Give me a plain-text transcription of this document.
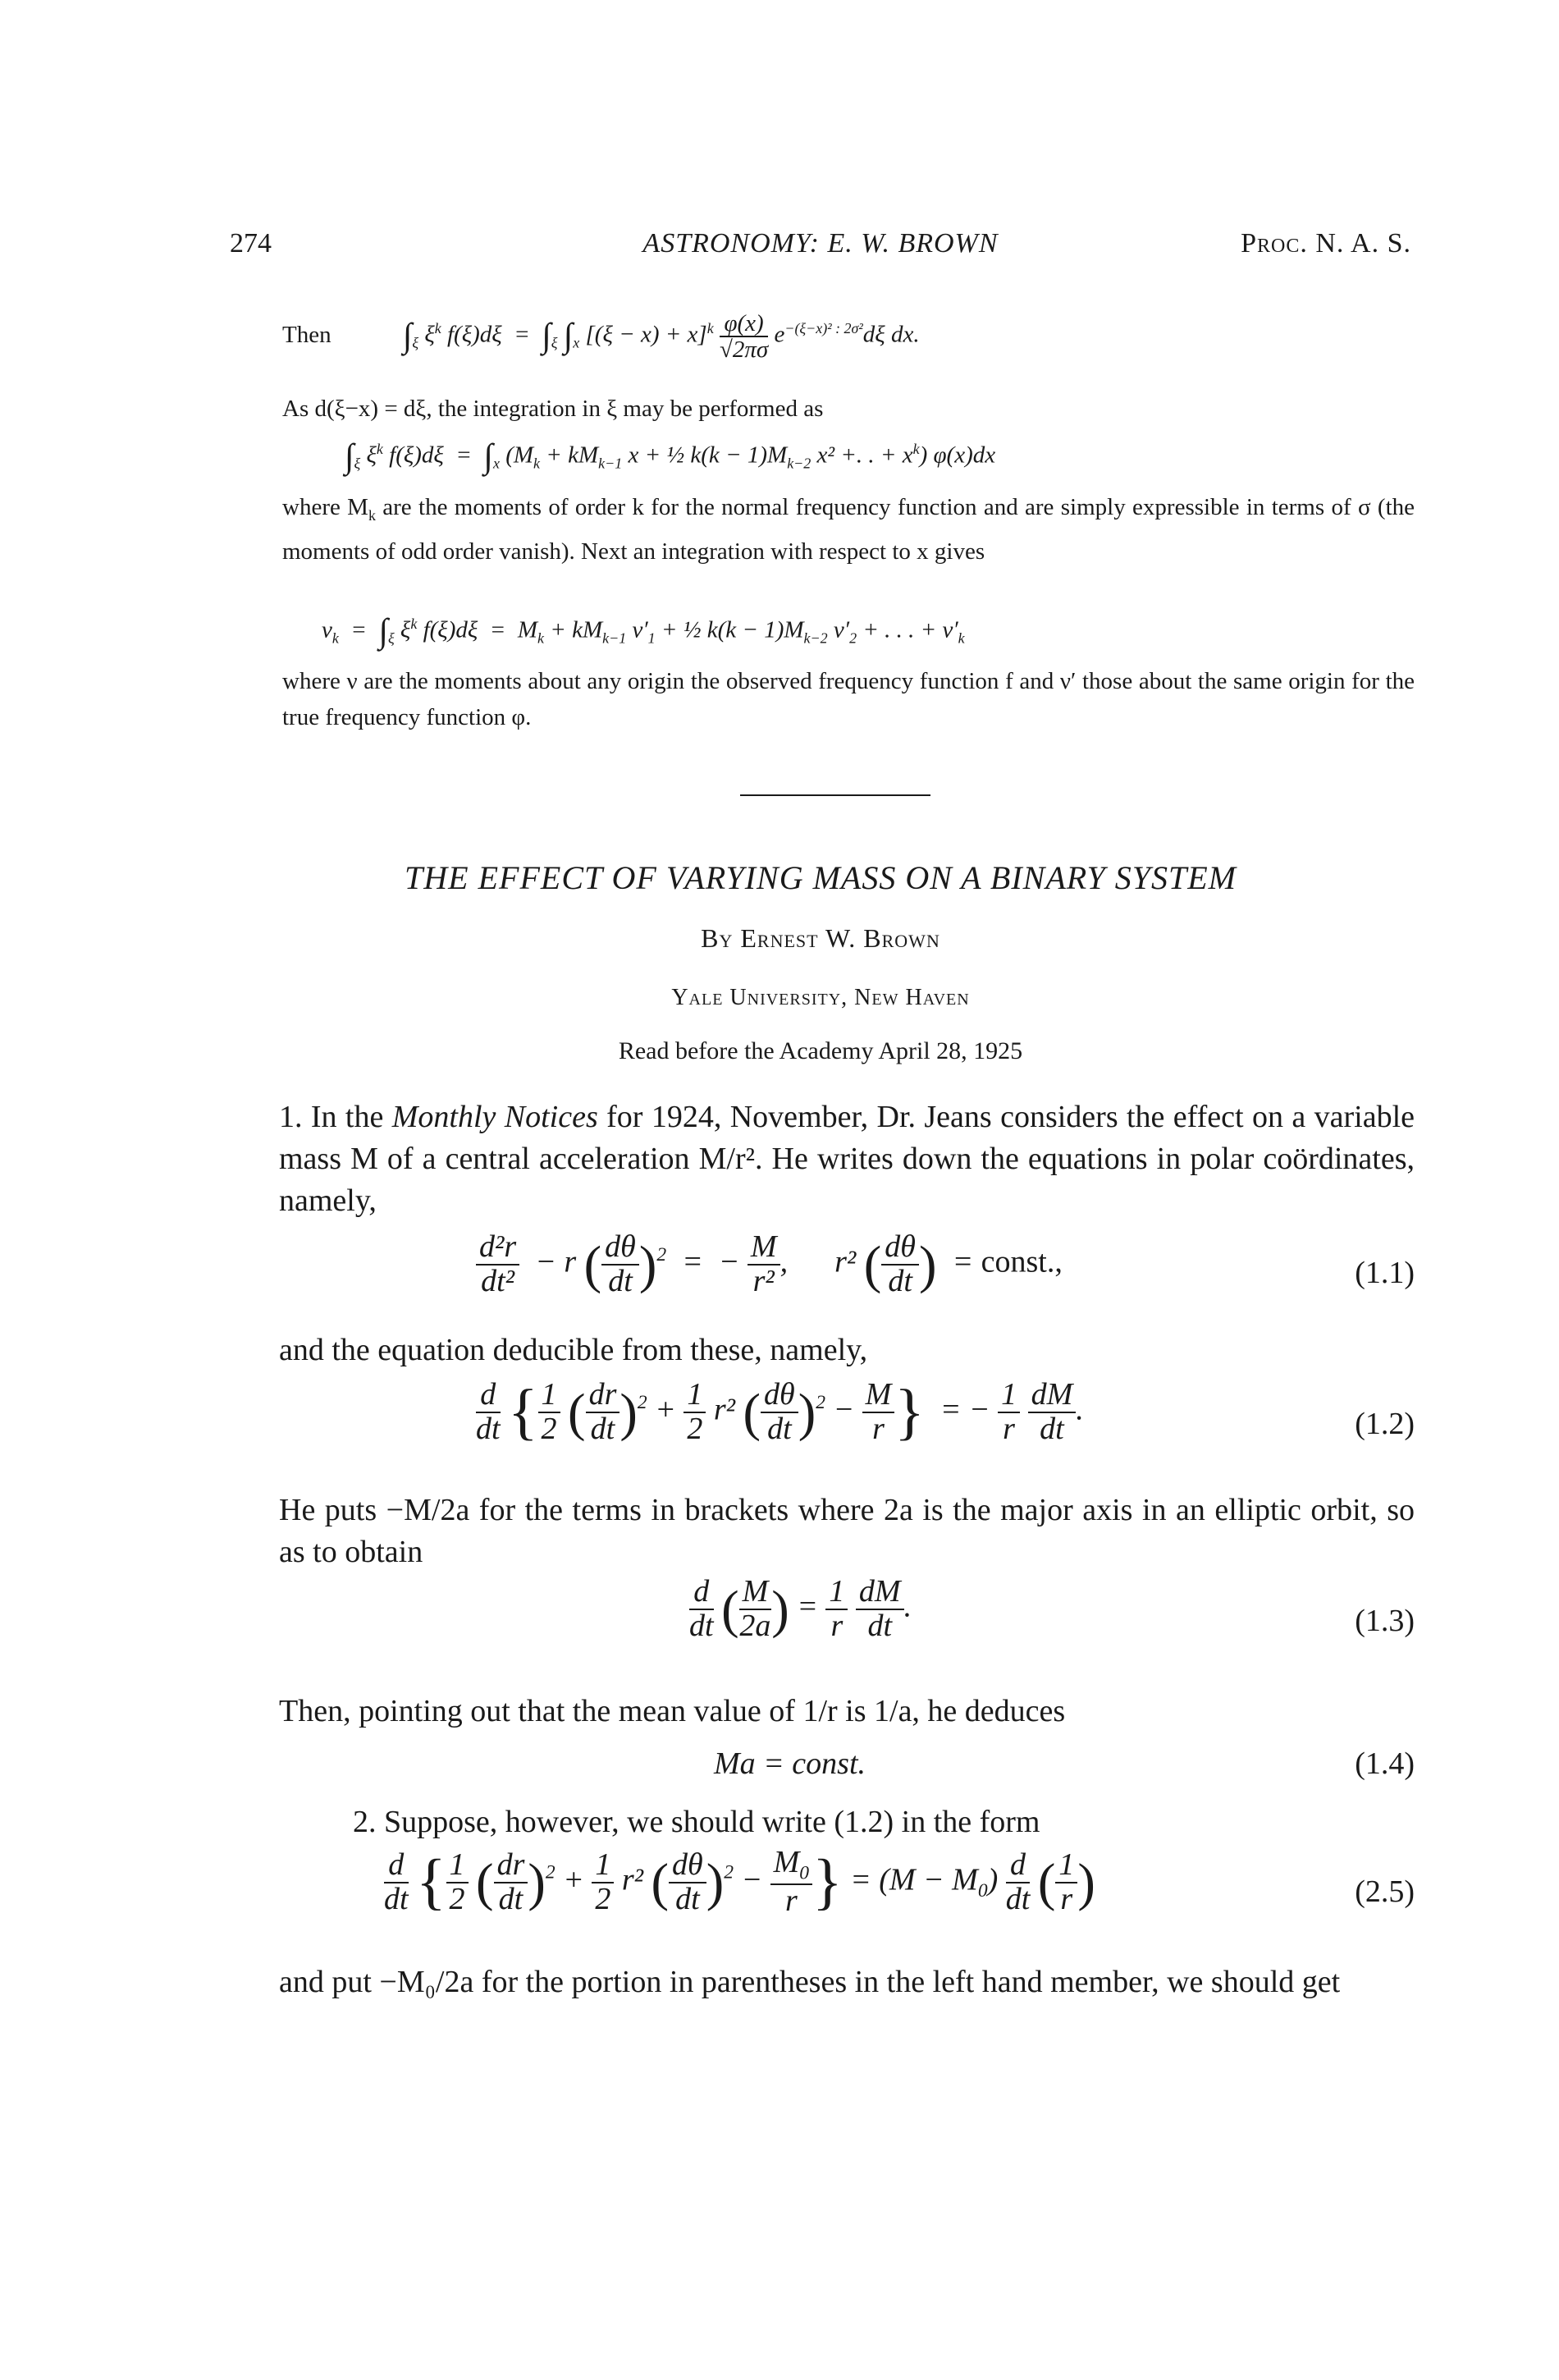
274	ASTRONOMY: E. W. BROWN	Proc. N. A. S.
Then $\int_\xi$ $\xi^k$ $f(\xi)d\xi = \int_\xi$ $\int_x$ $[(\xi - x) + x]^k \frac{\varphi(x)}{√2\pi\sigma} e^{-(\xi-x)^2 : 2\sigma^2}d\xi$ dx.
As d(ξ−x) = dξ, the integration in ξ may be performed as
$\int_\xi$ $\xi^k$ $f(\xi)d\xi = \int_x$ ($M_k + kM_{k-1}$ x + ½ $k(k - 1)M_{k-2}$ x² +. . + $x^k$) φ(x)dx
where $M_k$ are the moments of order k for the normal frequency function and are simply expressible in terms of σ (the moments of odd order vanish). Next an integration with respect to x gives
$\nu_k = \int_\xi$ $\xi^k$ $f(\xi)d\xi = M_k + kM_{k-1}$ $\nu'_1$ + ½ $k(k - 1)M_{k-2}$ $\nu'_2$ + . . . + $\nu'_k$
where ν are the moments about any origin the observed frequency function f and ν′ those about the same origin for the true frequency function φ.
THE EFFECT OF VARYING MASS ON A BINARY SYSTEM
By Ernest W. Brown
Yale University, New Haven
Read before the Academy April 28, 1925
1. In the Monthly Notices for 1924, November, Dr. Jeans considers the effect on a variable mass M of a central acceleration M/r². He writes down the equations in polar coördinates, namely,
$\frac{\text{d²r}}{\text{dt²}} - r$ ( $\frac{d\theta}{dt} )^2$  =  − $\frac{M}{\text{r²}}$ ,      r² ( $\frac{d\theta}{dt}$ )  = const.,	(1.1)
and the equation deducible from these, namely,
$\frac{d}{dt}$ { $\frac{1}{2}$ ( $\frac{dr}{dt} )^2 + \frac{1}{2} r^2$ ( $\frac{d\theta}{dt} )^2 - \frac{M}{r}$ }  = − $\frac{1}{r}$
$\frac{dM}{dt}$ .	(1.2)
He puts −M/2a for the terms in brackets where 2a is the major axis in an elliptic orbit, so as to obtain
$\frac{d}{dt}$ ( $\frac{M}{2a}$ ) = $\frac{1}{r}$
$\frac{dM}{dt}$ .	(1.3)
Then, pointing out that the mean value of 1/r is 1/a, he deduces
Ma = const.	(1.4)
2. Suppose, however, we should write (1.2) in the form
$\frac{d}{dt}$ { $\frac{1}{2}$ ( $\frac{dr}{dt} )^2 + \frac{1}{2} r^2$ ( $\frac{d\theta}{dt} )^2 - \frac{M_0}{r}$ } = $(M - M_0) \frac{d}{dt}$ ( $\frac{1}{r}$ )	(2.5)
and put −M₀/2a for the portion in parentheses in the left hand member, we should get
